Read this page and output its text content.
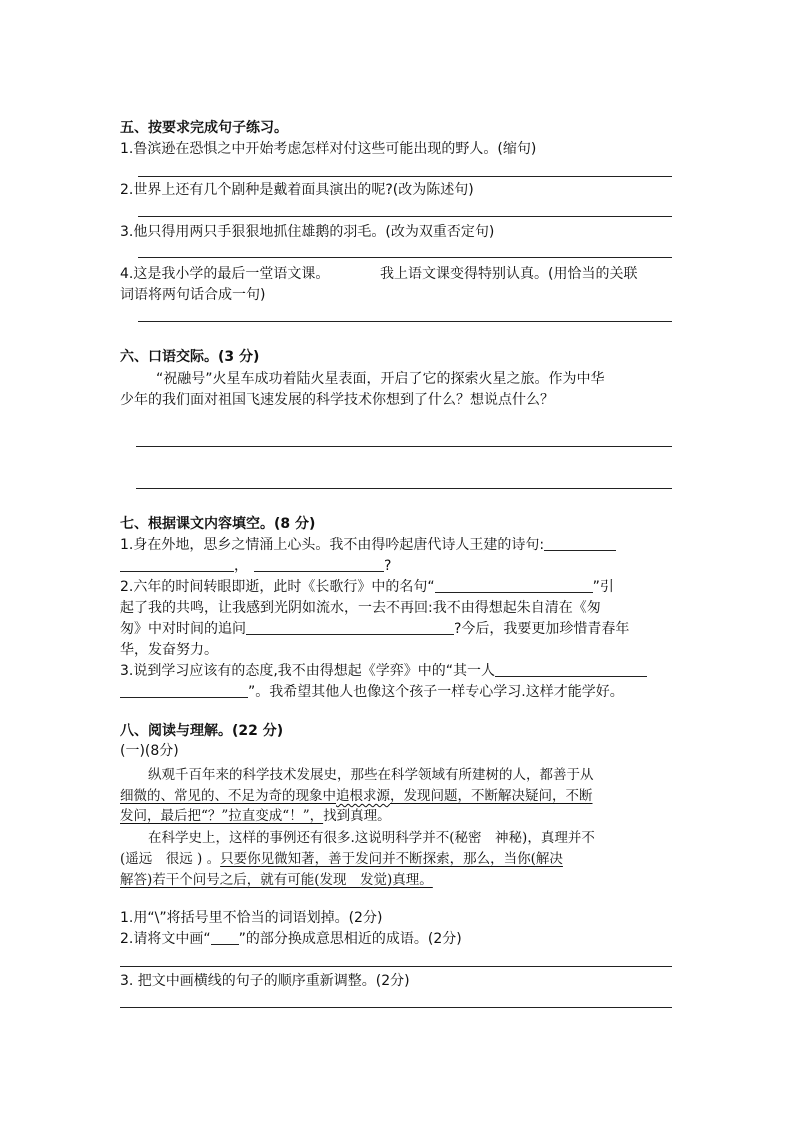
五、按要求完成句子练习。
1.鲁滨逊在恐惧之中开始考虑怎样对付这些可能出现的野人。(缩句)
2.世界上还有几个剧种是戴着面具演出的呢?(改为陈述句)
3.他只得用两只手狠狠地抓住雄鹅的羽毛。(改为双重否定句)
4.这是我小学的最后一堂语文课。	我上语文课变得特别认真。(用恰当的关联
词语将两句话合成一句)
六、口语交际。(3 分)
“祝融号”火星车成功着陆火星表面，开启了它的探索火星之旅。作为中华
少年的我们面对祖国飞速发展的科学技术你想到了什么？想说点什么？
七、根据课文内容填空。(8 分)
1.身在外地，思乡之情涌上心头。我不由得吟起唐代诗人王建的诗句:
，	?
2.六年的时间转眼即逝，此时《长歌行》中的名句“	”引
起了我的共鸣，让我感到光阴如流水，一去不再回:我不由得想起朱自清在《匆
匆》中对时间的追问	?今后，我要更加珍惜青春年
华，发奋努力。
3.说到学习应该有的态度,我不由得想起《学弈》中的“其一人
”。我希望其他人也像这个孩子一样专心学习.这样才能学好。
八、阅读与理解。(22 分)
(一)(8分)
纵观千百年来的科学技术发展史，那些在科学领域有所建树的人，都善于从
细微的、常见的、不足为奇的现象中追根求源，发现问题，不断解决疑问，不断
发问，最后把“？”拉直变成“！”，找到真理。
在科学史上，这样的事例还有很多.这说明科学并不(秘密　神秘)，真理并不
(遥远　很远 ) 。只要你见微知著，善于发问并不断探索，那么，当你(解决
解答)若干个问号之后，就有可能(发现　发觉)真理。
1.用“\”将括号里不恰当的词语划掉。(2分)
2.请将文中画“ ”的部分换成意思相近的成语。(2分)
3. 把文中画横线的句子的顺序重新调整。(2分)
